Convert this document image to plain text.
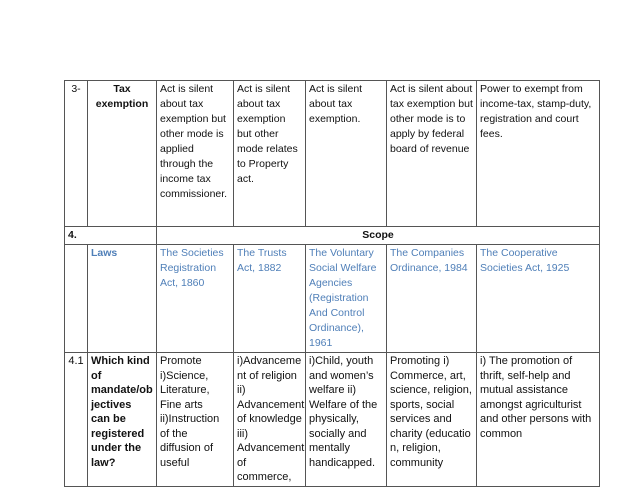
3-	Tax exemption	Act is silent about tax exemption but other mode is applied through the income tax commissioner.	Act is silent about tax exemption but other mode relates to Property act.	Act is silent about tax exemption.	Act is silent about tax exemption but other mode is to apply by federal board of revenue	Power to exempt from income-tax, stamp-duty, registration and court fees.
4.		Scope				
	Laws	The Societies Registration Act, 1860	The Trusts Act, 1882	The Voluntary Social Welfare Agencies (Registration And Control Ordinance), 1961	The Companies Ordinance, 1984	The Cooperative Societies Act, 1925
4.1	Which kind of mandate/ob jectives can be registered under the law?	Promote i)Science, Literature, Fine arts ii)Instruction of the diffusion of useful	i)Advanceme nt of religion ii) Advancement of knowledge iii) Advancement of commerce,	i)Child, youth and women’s welfare ii) Welfare of the physically, socially and mentally handicapped.	Promoting i) Commerce, art, science, religion, sports, social services and charity (educatio n, religion, community	i) The promotion of thrift, self-help and mutual assistance amongst agriculturist and other persons with common
